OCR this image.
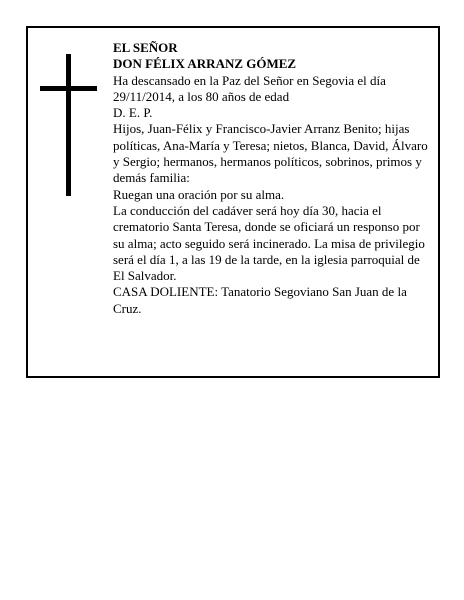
EL SEÑOR

DON FÉLIX ARRANZ GÓMEZ

Ha descansado en la Paz del Señor en Segovia el día 29/11/2014, a los 80 años de edad

D. E. P.

Hijos, Juan-Félix y Francisco-Javier Arranz Benito; hijas políticas, Ana-María y Teresa; nietos, Blanca, David, Álvaro y Sergio; hermanos, hermanos políticos, sobrinos, primos y demás familia:

Ruegan una oración por su alma.

La conducción del cadáver será hoy día 30, hacia el crematorio Santa Teresa, donde se oficiará un responso por su alma; acto seguido será incinerado. La misa de privilegio será el día 1, a las 19 de la tarde, en la iglesia parroquial de El Salvador.

CASA DOLIENTE: Tanatorio Segoviano San Juan de la Cruz.
